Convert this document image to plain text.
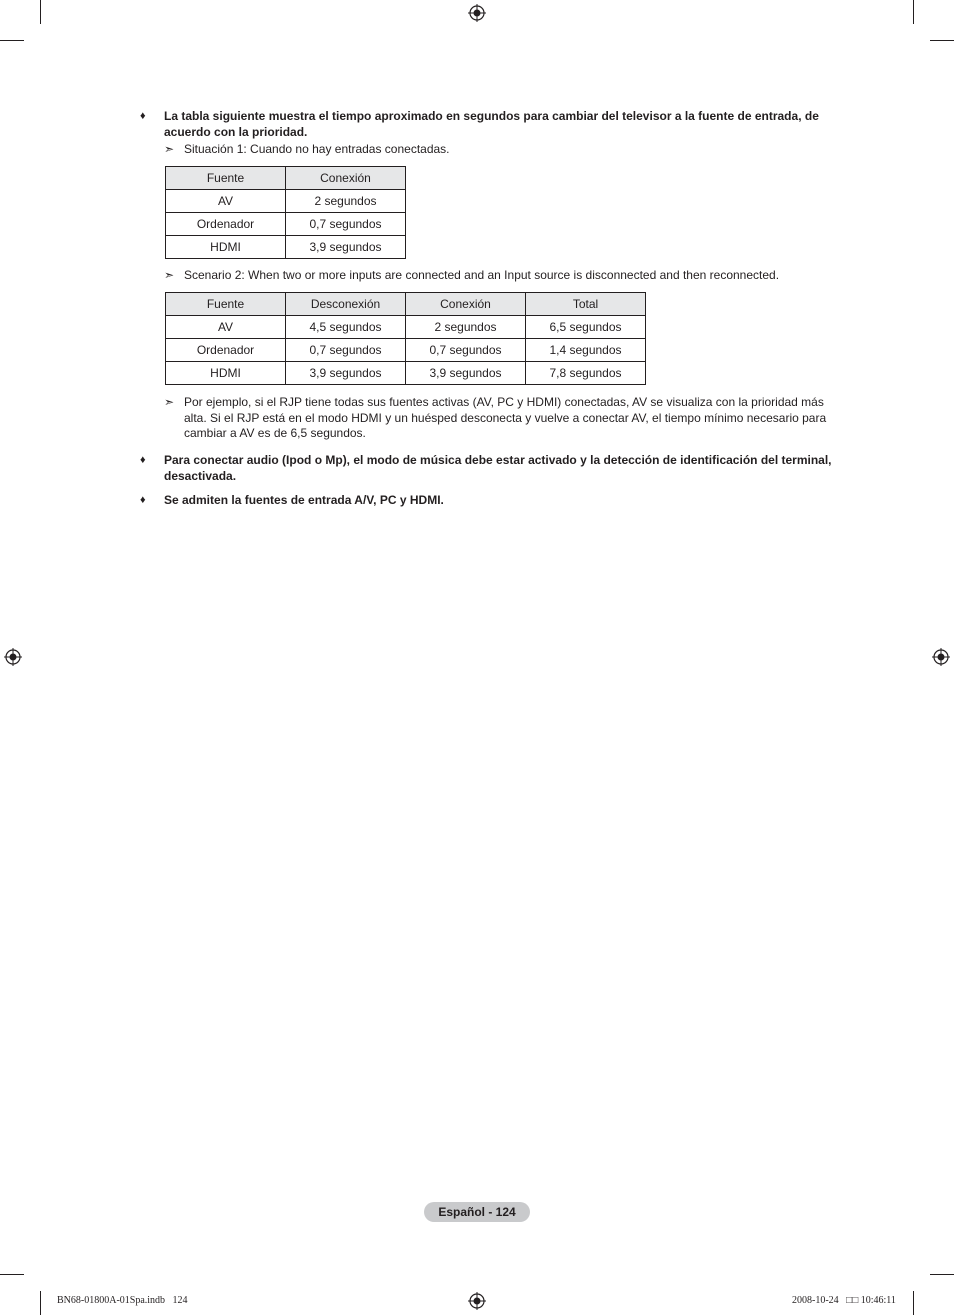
♦	La tabla siguiente muestra el tiempo aproximado en segundos para cambiar del televisor a la fuente de entrada, de acuerdo con la prioridad.
➣ Situación 1: Cuando no hay entradas conectadas.
Fuente	Conexión
AV	2 segundos
Ordenador	0,7 segundos
HDMI	3,9 segundos
➣ Scenario 2: When two or more inputs are connected and an Input source is disconnected and then reconnected.
Fuente	Desconexión	Conexión	Total
AV	4,5 segundos	2 segundos	6,5 segundos
Ordenador	0,7 segundos	0,7 segundos	1,4 segundos
HDMI	3,9 segundos	3,9 segundos	7,8 segundos
➣ Por ejemplo, si el RJP tiene todas sus fuentes activas (AV, PC y HDMI) conectadas, AV se visualiza con la prioridad más alta. Si el RJP está en el modo HDMI y un huésped desconecta y vuelve a conectar AV, el tiempo mínimo necesario para cambiar a AV es de 6,5 segundos.
♦	Para conectar audio (Ipod o Mp), el modo de música debe estar activado y la detección de identificación del terminal, desactivada.
♦	Se admiten la fuentes de entrada A/V, PC y HDMI.
Español - 124
BN68-01800A-01Spa.indb   124	2008-10-24   □□ 10:46:11
